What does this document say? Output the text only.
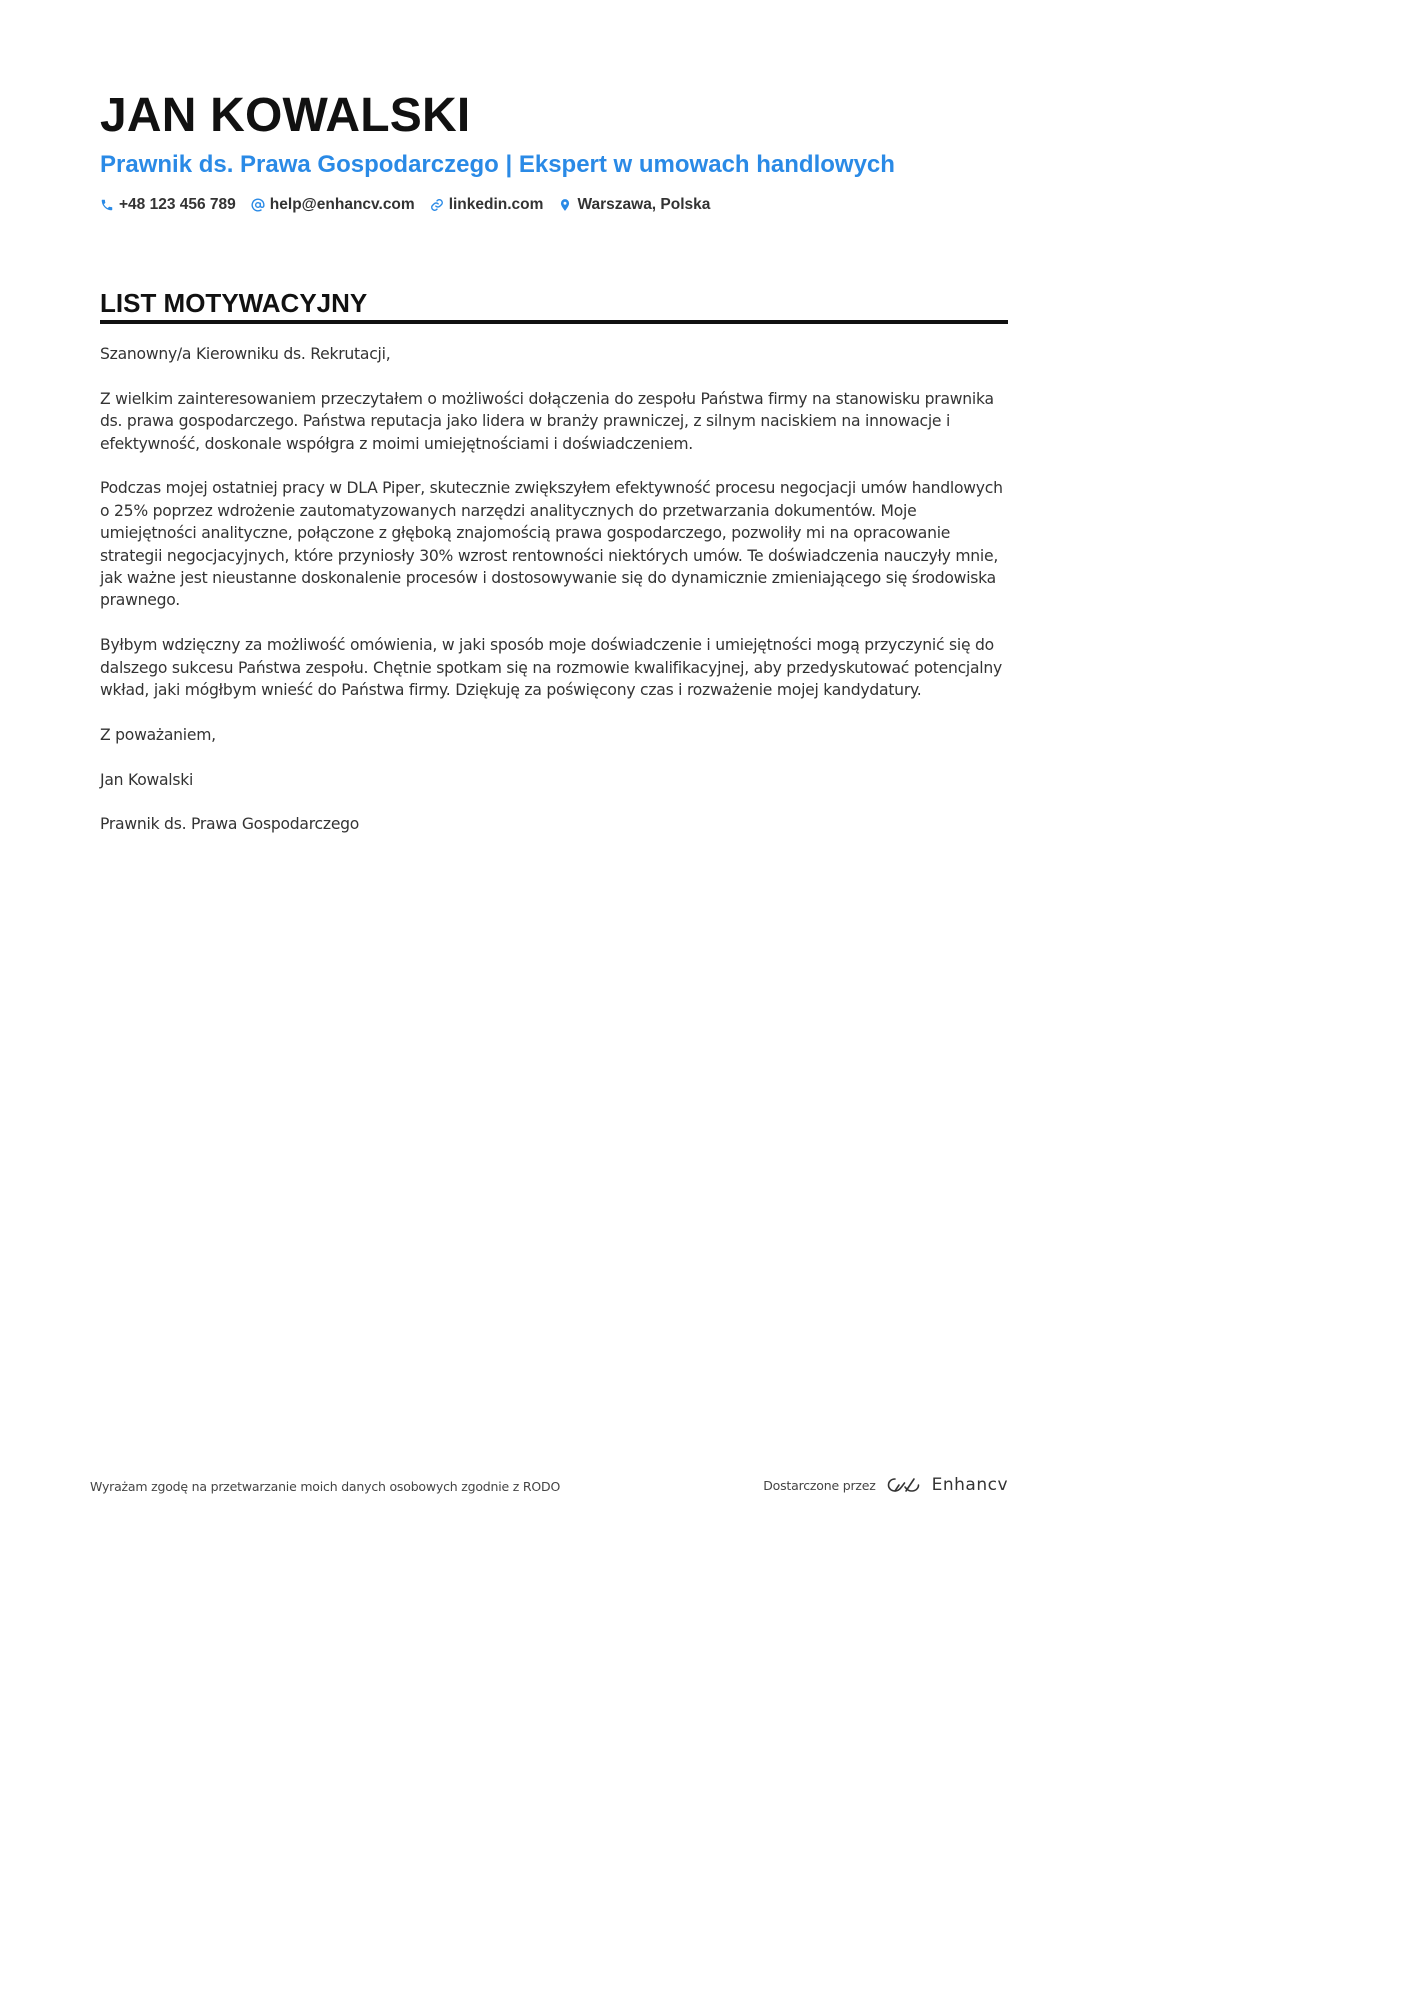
JAN KOWALSKI
Prawnik ds. Prawa Gospodarczego | Ekspert w umowach handlowych
+48 123 456 789 help@enhancv.com linkedin.com Warszawa, Polska
LIST MOTYWACYJNY

Szanowny/a Kierowniku ds. Rekrutacji,

Z wielkim zainteresowaniem przeczytałem o możliwości dołączenia do zespołu Państwa firmy na stanowisku prawnika ds. prawa gospodarczego. Państwa reputacja jako lidera w branży prawniczej, z silnym naciskiem na innowacje i efektywność, doskonale współgra z moimi umiejętnościami i doświadczeniem.

Podczas mojej ostatniej pracy w DLA Piper, skutecznie zwiększyłem efektywność procesu negocjacji umów handlowych o 25% poprzez wdrożenie zautomatyzowanych narzędzi analitycznych do przetwarzania dokumentów. Moje umiejętności analityczne, połączone z głęboką znajomością prawa gospodarczego, pozwoliły mi na opracowanie strategii negocjacyjnych, które przyniosły 30% wzrost rentowności niektórych umów. Te doświadczenia nauczyły mnie, jak ważne jest nieustanne doskonalenie procesów i dostosowywanie się do dynamicznie zmieniającego się środowiska prawnego.

Byłbym wdzięczny za możliwość omówienia, w jaki sposób moje doświadczenie i umiejętności mogą przyczynić się do dalszego sukcesu Państwa zespołu. Chętnie spotkam się na rozmowie kwalifikacyjnej, aby przedyskutować potencjalny wkład, jaki mógłbym wnieść do Państwa firmy. Dziękuję za poświęcony czas i rozważenie mojej kandydatury.

Z poważaniem,

Jan Kowalski

Prawnik ds. Prawa Gospodarczego

Wyrażam zgodę na przetwarzanie moich danych osobowych zgodnie z RODO	Dostarczone przez	Enhancv
